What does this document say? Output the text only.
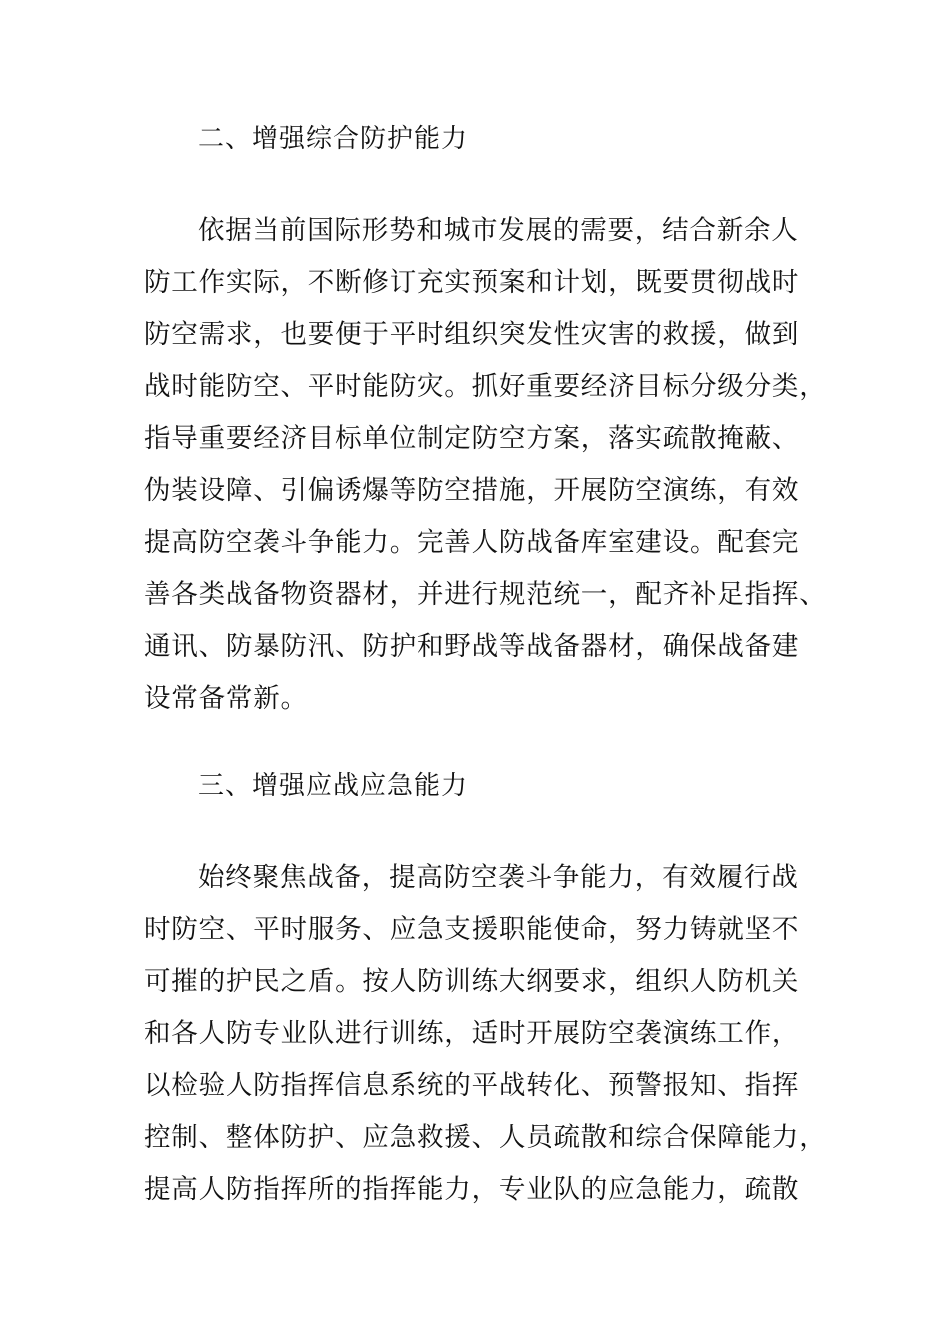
二、增强综合防护能力
依据当前国际形势和城市发展的需要，结合新余人
防工作实际，不断修订充实预案和计划，既要贯彻战时
防空需求，也要便于平时组织突发性灾害的救援，做到
战时能防空、平时能防灾。抓好重要经济目标分级分类，
指导重要经济目标单位制定防空方案，落实疏散掩蔽、
伪装设障、引偏诱爆等防空措施，开展防空演练，有效
提高防空袭斗争能力。完善人防战备库室建设。配套完
善各类战备物资器材，并进行规范统一，配齐补足指挥、
通讯、防暴防汛、防护和野战等战备器材，确保战备建
设常备常新。
三、增强应战应急能力
始终聚焦战备，提高防空袭斗争能力，有效履行战
时防空、平时服务、应急支援职能使命，努力铸就坚不
可摧的护民之盾。按人防训练大纲要求，组织人防机关
和各人防专业队进行训练，适时开展防空袭演练工作，
以检验人防指挥信息系统的平战转化、预警报知、指挥
控制、整体防护、应急救援、人员疏散和综合保障能力，
提高人防指挥所的指挥能力，专业队的应急能力，疏散
